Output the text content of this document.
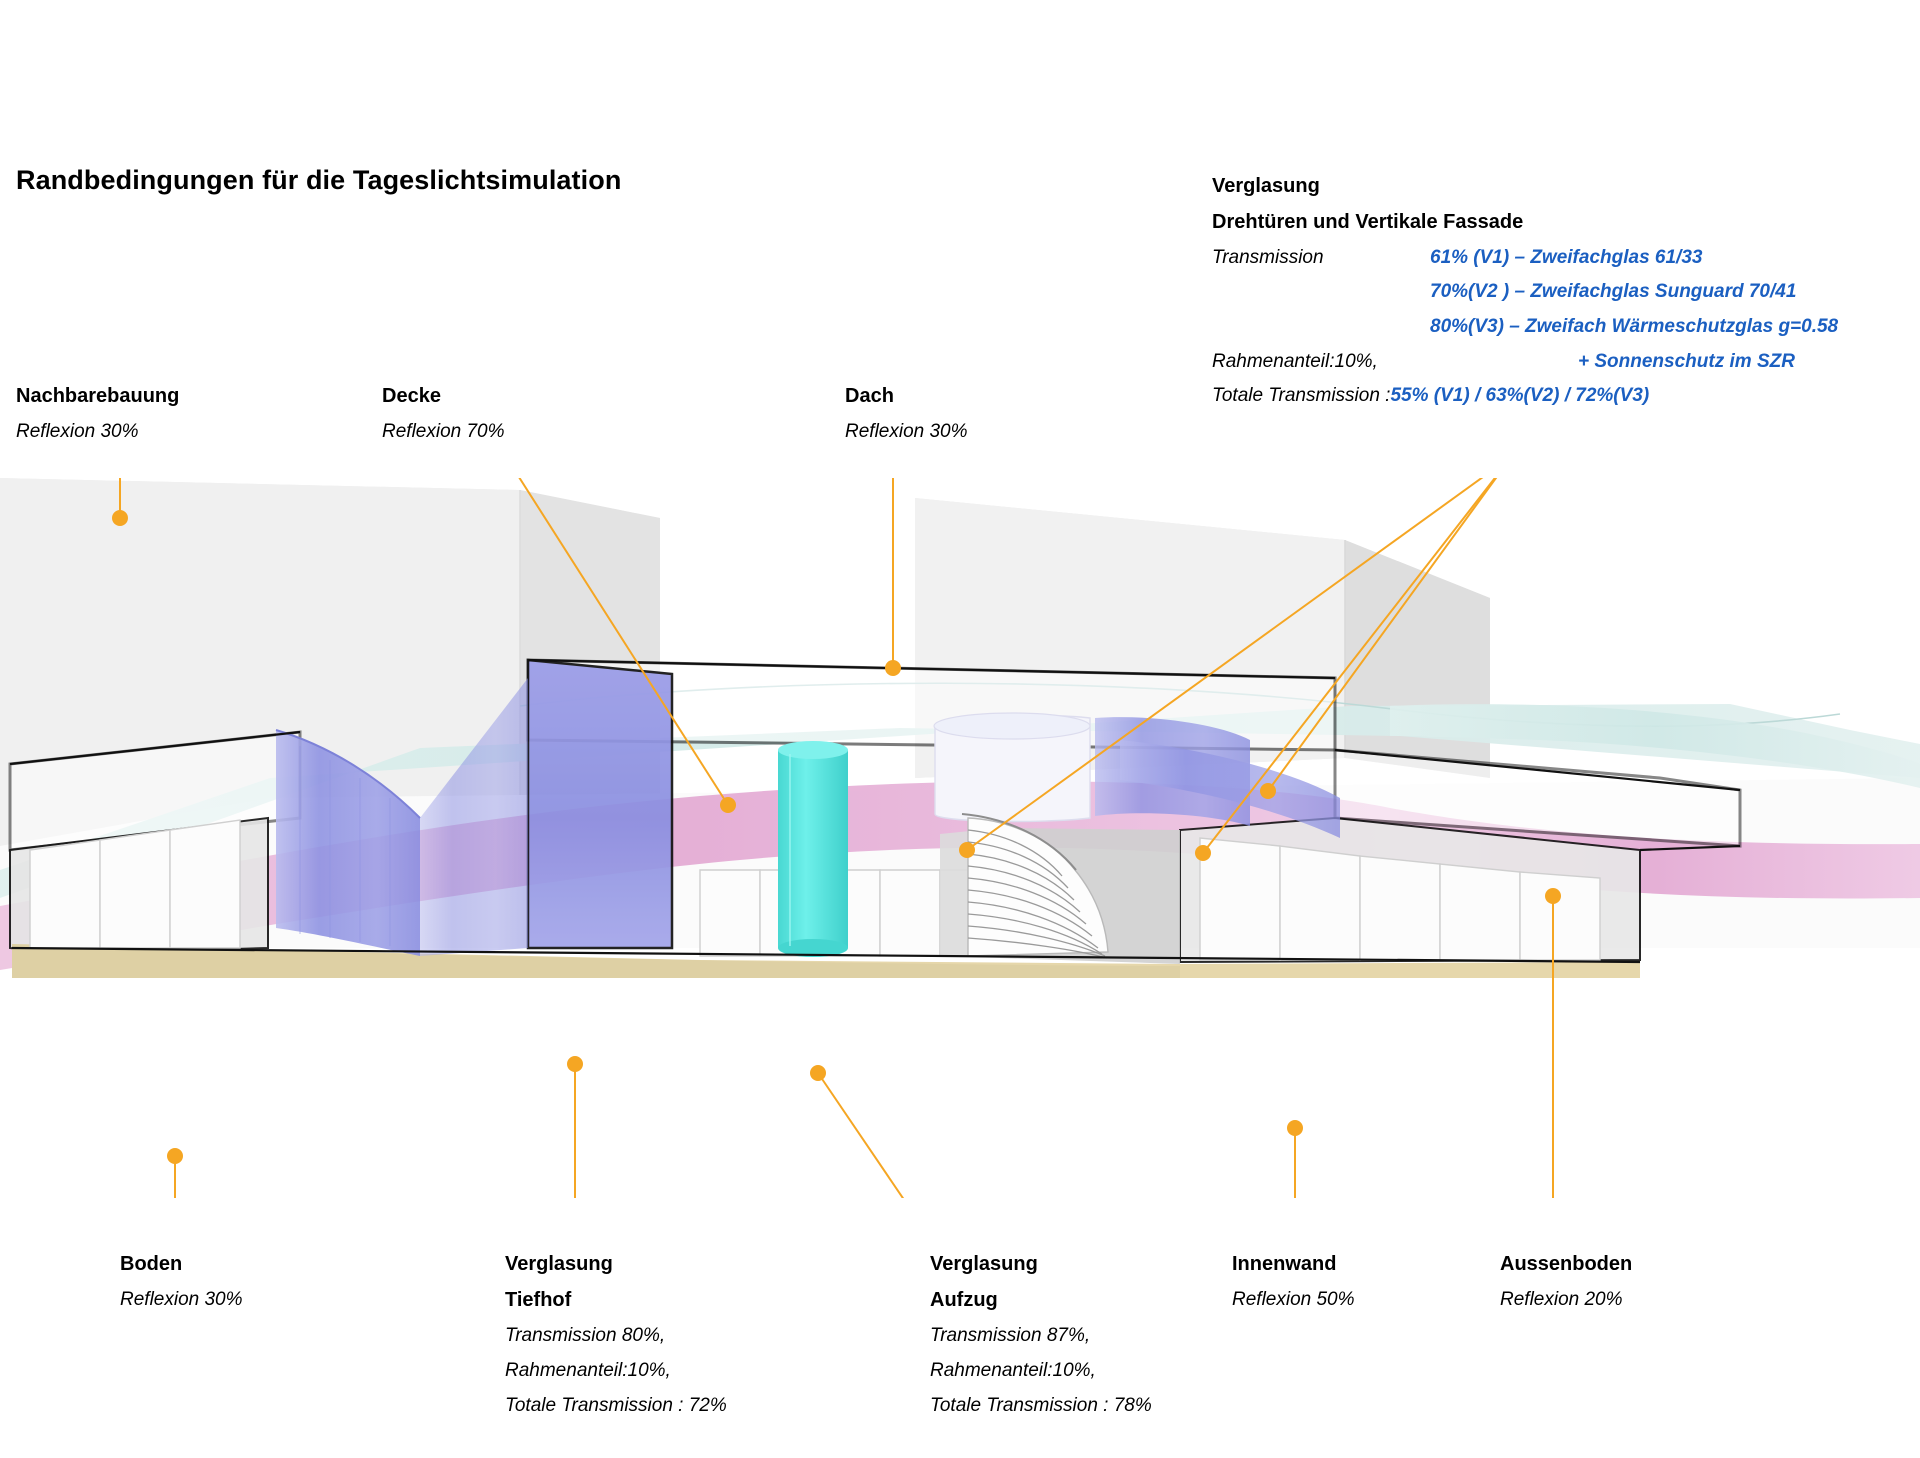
Randbedingungen für die Tageslichtsimulation
Nachbarebauung
Reflexion 30%
Decke
Reflexion 70%
Dach
Reflexion 30%
Boden
Reflexion 30%
Verglasung
Tiefhof
Transmission 80%,
Rahmenanteil:10%,
Totale Transmission : 72%
Verglasung
Aufzug
Transmission 87%,
Rahmenanteil:10%,
Totale Transmission : 78%
Innenwand
Reflexion 50%
Aussenboden
Reflexion 20%
Verglasung
Drehtüren und Vertikale Fassade
Transmission	61% (V1) – Zweifachglas 61/33
70%(V2 ) – Zweifachglas Sunguard 70/41
80%(V3) – Zweifach Wärmeschutzglas g=0.58
Rahmenanteil:10%,	+ Sonnenschutz im SZR
Totale Transmission : 55% (V1) / 63%(V2) / 72%(V3)
